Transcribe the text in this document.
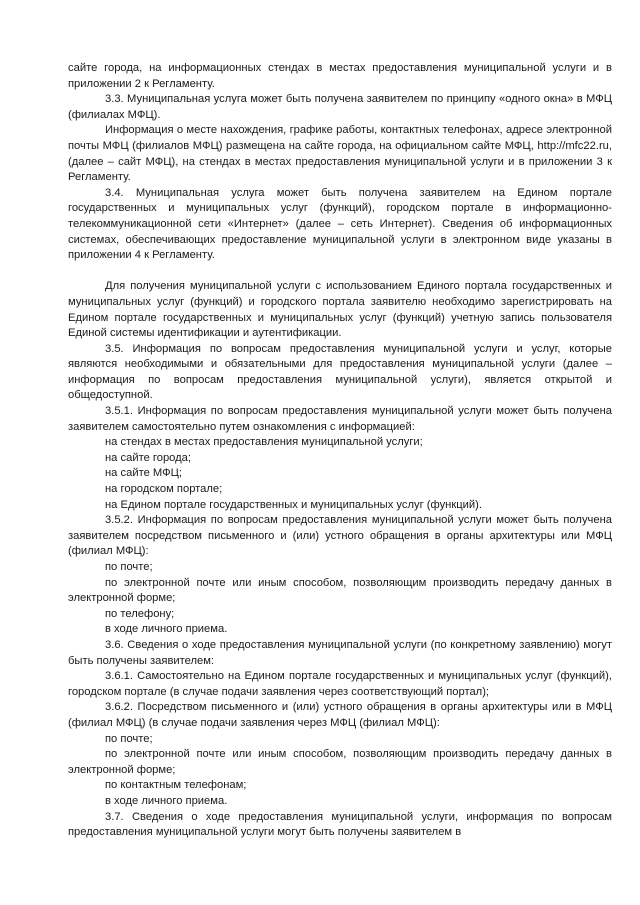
сайте города, на информационных стендах в местах предоставления муниципальной услуги и в приложении 2 к Регламенту.

3.3. Муниципальная услуга может быть получена заявителем по принципу «одного окна» в МФЦ (филиалах МФЦ).

Информация о месте нахождения, графике работы, контактных телефонах, адресе электронной почты МФЦ (филиалов МФЦ) размещена на сайте города, на официальном сайте МФЦ, http://mfc22.ru, (далее – сайт МФЦ), на стендах в местах предоставления муниципальной услуги и в приложении 3 к Регламенту.

3.4. Муниципальная услуга может быть получена заявителем на Едином портале государственных и муниципальных услуг (функций), городском портале в информационно-телекоммуникационной сети «Интернет» (далее – сеть Интернет). Сведения об информационных системах, обеспечивающих предоставление муниципальной услуги в электронном виде указаны в приложении 4 к Регламенту.

Для получения муниципальной услуги с использованием Единого портала государственных и муниципальных услуг (функций) и городского портала заявителю необходимо зарегистрировать на Едином портале государственных и муниципальных услуг (функций) учетную запись пользователя Единой системы идентификации и аутентификации.

3.5. Информация по вопросам предоставления муниципальной услуги и услуг, которые являются необходимыми и обязательными для предоставления муниципальной услуги (далее – информация по вопросам предоставления муниципальной услуги), является открытой и общедоступной.

3.5.1. Информация по вопросам предоставления муниципальной услуги может быть получена заявителем самостоятельно путем ознакомления с информацией:

на стендах в местах предоставления муниципальной услуги;

на сайте города;

на сайте МФЦ;

на городском портале;

на Едином портале государственных и муниципальных услуг (функций).

3.5.2. Информация по вопросам предоставления муниципальной услуги может быть получена заявителем посредством письменного и (или) устного обращения в органы архитектуры или МФЦ (филиал МФЦ):

по почте;

по электронной почте или иным способом, позволяющим производить передачу данных в электронной форме;

по телефону;

в ходе личного приема.

3.6. Сведения о ходе предоставления муниципальной услуги (по конкретному заявлению) могут быть получены заявителем:

3.6.1. Самостоятельно на Едином портале государственных и муниципальных услуг (функций), городском портале (в случае подачи заявления через соответствующий портал);

3.6.2. Посредством письменного и (или) устного обращения в органы архитектуры или в МФЦ (филиал МФЦ) (в случае подачи заявления через МФЦ (филиал МФЦ):

по почте;

по электронной почте или иным способом, позволяющим производить передачу данных в электронной форме;

по контактным телефонам;

в ходе личного приема.

3.7. Сведения о ходе предоставления муниципальной услуги, информация по вопросам предоставления муниципальной услуги могут быть получены заявителем в
